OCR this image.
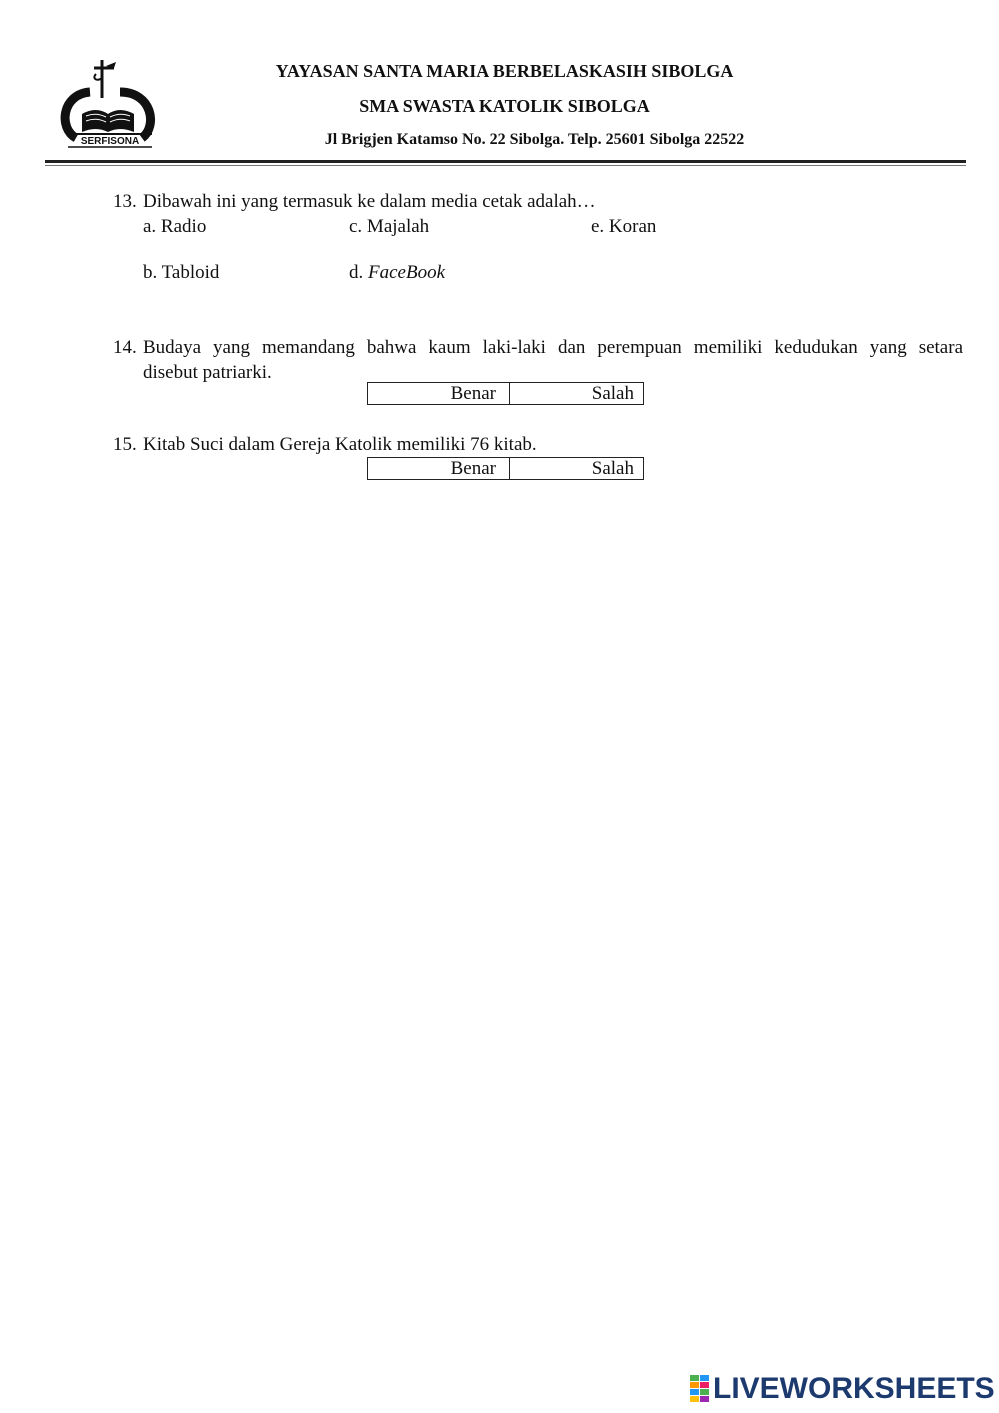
SERFISONA
YAYASAN SANTA MARIA BERBELASKASIH SIBOLGA
SMA SWASTA KATOLIK SIBOLGA
Jl Brigjen Katamso No. 22 Sibolga. Telp. 25601 Sibolga 22522
13. Dibawah ini yang termasuk ke dalam media cetak adalah…
a. Radio	c. Majalah	e. Koran
b. Tabloid	d. FaceBook
14. Budaya yang memandang bahwa kaum laki-laki dan perempuan memiliki kedudukan yang setara
disebut patriarki.
Benar	Salah
15. Kitab Suci dalam Gereja Katolik memiliki 76 kitab.
Benar	Salah
LIVEWORKSHEETS
